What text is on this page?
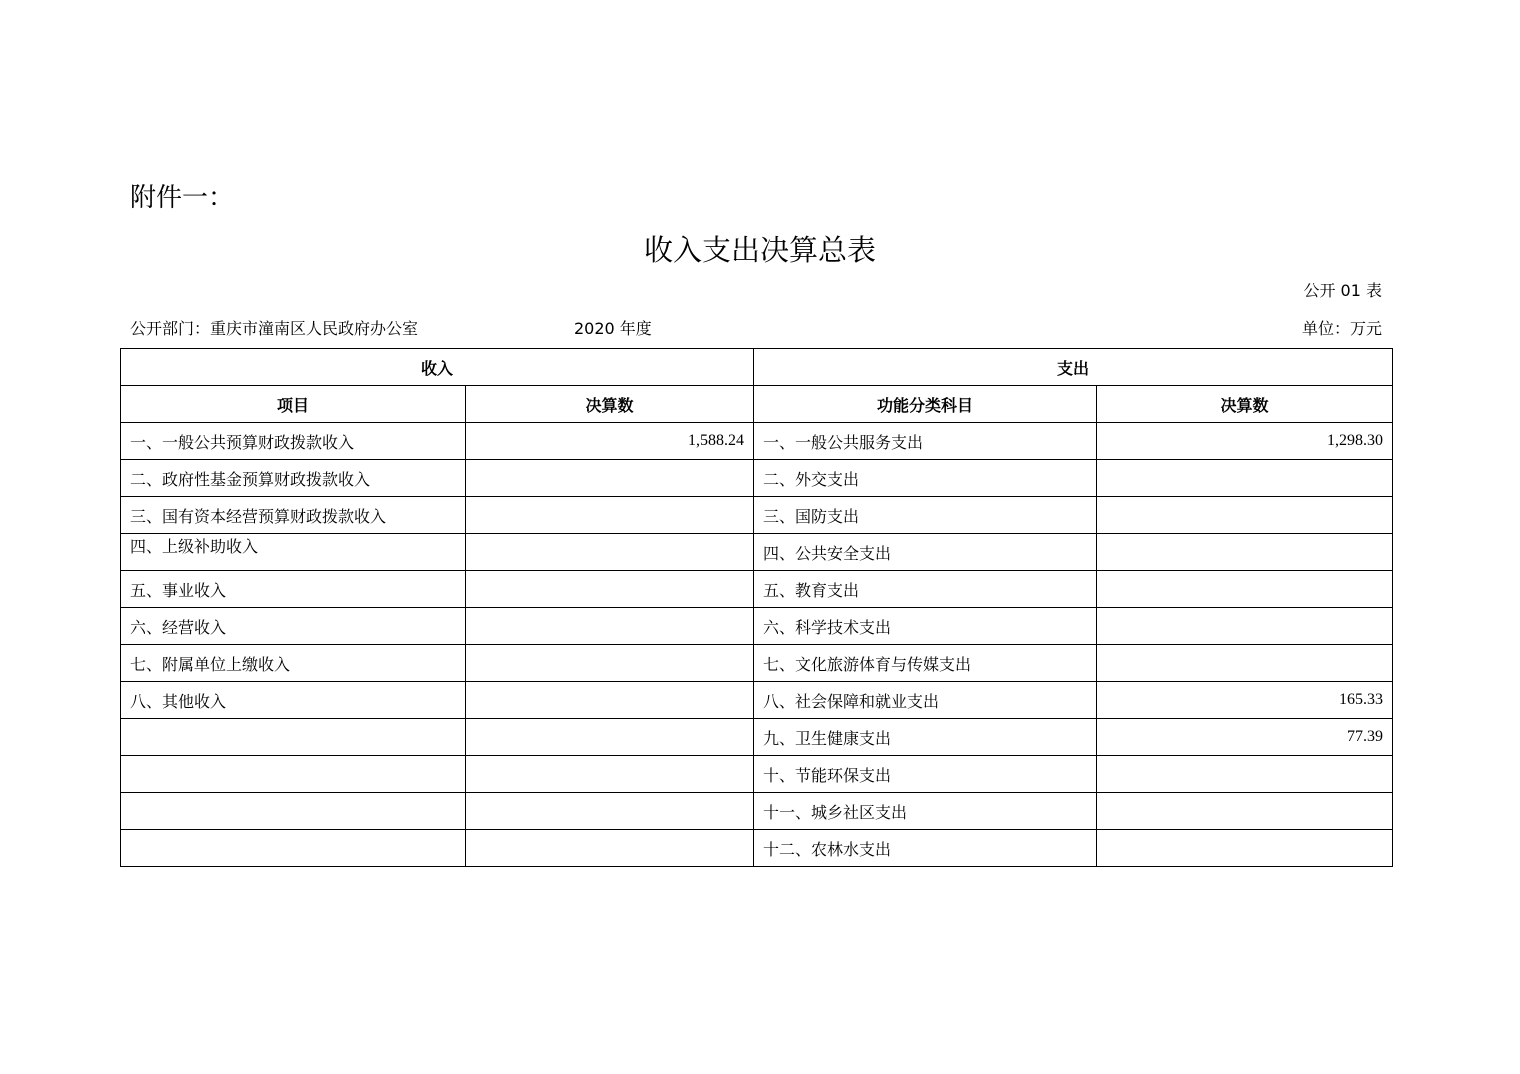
附件一：
收入支出决算总表
公开 01 表
公开部门：重庆市潼南区人民政府办公室	2020 年度	单位：万元
收入		支出	
项目	决算数	功能分类科目	决算数
一、一般公共预算财政拨款收入	1,588.24	一、一般公共服务支出	1,298.30
二、政府性基金预算财政拨款收入		二、外交支出	
三、国有资本经营预算财政拨款收入		三、国防支出	
四、上级补助收入		四、公共安全支出	
五、事业收入		五、教育支出	
六、经营收入		六、科学技术支出	
七、附属单位上缴收入		七、文化旅游体育与传媒支出	
八、其他收入		八、社会保障和就业支出	165.33
		九、卫生健康支出	77.39
		十、节能环保支出	
		十一、城乡社区支出	
		十二、农林水支出	
